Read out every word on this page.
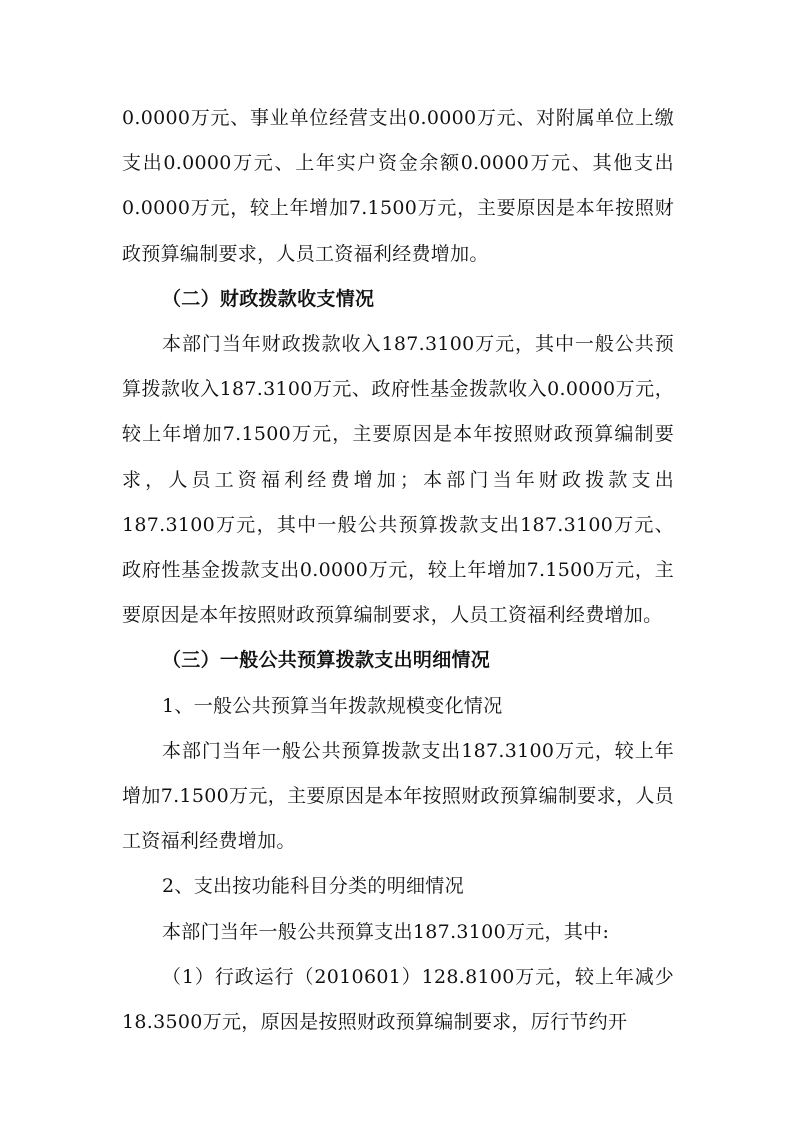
0.0000万元、事业单位经营支出0.0000万元、对附属单位上缴支出0.0000万元、上年实户资金余额0.0000万元、其他支出0.0000万元，较上年增加7.1500万元，主要原因是本年按照财政预算编制要求，人员工资福利经费增加。

（二）财政拨款收支情况

本部门当年财政拨款收入187.3100万元，其中一般公共预算拨款收入187.3100万元、政府性基金拨款收入0.0000万元，较上年增加7.1500万元，主要原因是本年按照财政预算编制要求，人员工资福利经费增加；本部门当年财政拨款支出187.3100万元，其中一般公共预算拨款支出187.3100万元、政府性基金拨款支出0.0000万元，较上年增加7.1500万元，主要原因是本年按照财政预算编制要求，人员工资福利经费增加。

（三）一般公共预算拨款支出明细情况

1、一般公共预算当年拨款规模变化情况

本部门当年一般公共预算拨款支出187.3100万元，较上年增加7.1500万元，主要原因是本年按照财政预算编制要求，人员工资福利经费增加。

2、支出按功能科目分类的明细情况

本部门当年一般公共预算支出187.3100万元，其中:

（1）行政运行（2010601）128.8100万元，较上年减少18.3500万元，原因是按照财政预算编制要求，厉行节约开
